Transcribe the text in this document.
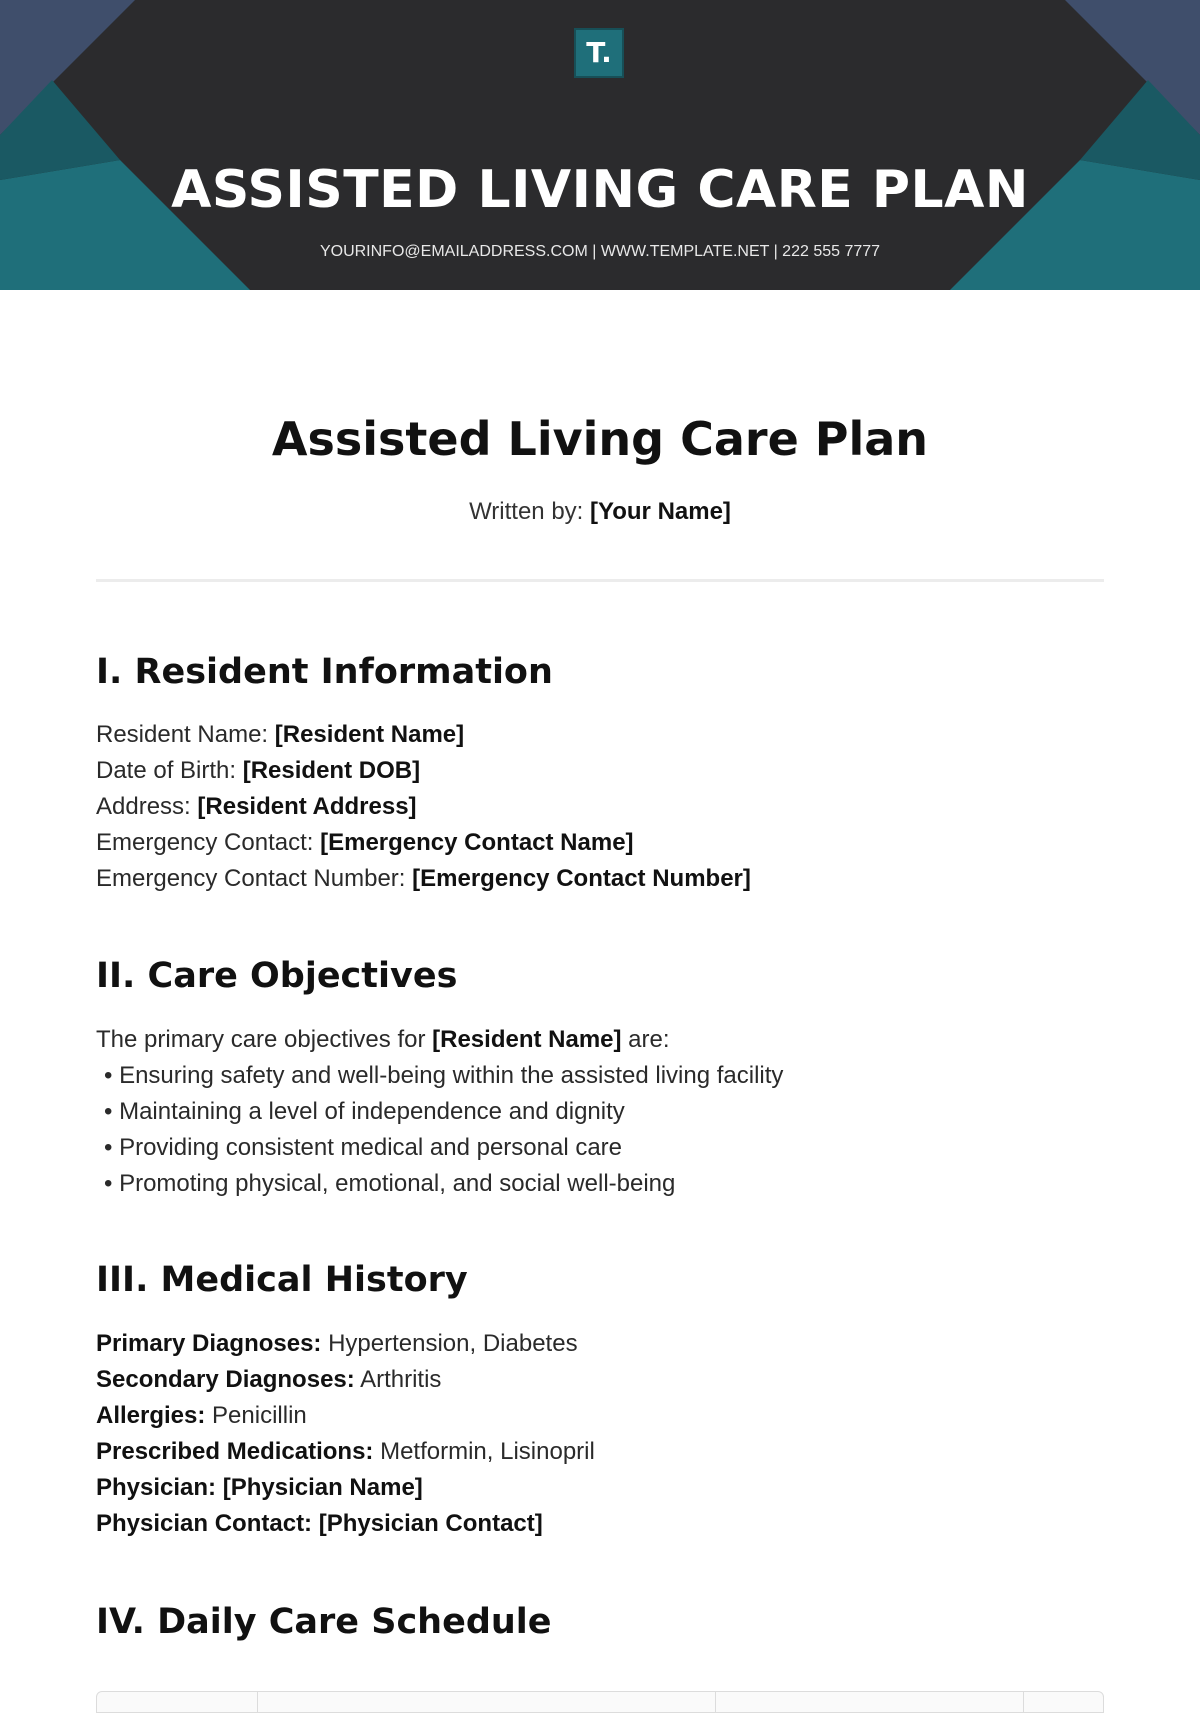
T.
ASSISTED LIVING CARE PLAN
YOURINFO@EMAILADDRESS.COM | WWW.TEMPLATE.NET | 222 555 7777
Assisted Living Care Plan
Written by: [Your Name]
I. Resident Information
Resident Name: [Resident Name]
Date of Birth: [Resident DOB]
Address: [Resident Address]
Emergency Contact: [Emergency Contact Name]
Emergency Contact Number: [Emergency Contact Number]
II. Care Objectives
The primary care objectives for [Resident Name] are:
• Ensuring safety and well-being within the assisted living facility
• Maintaining a level of independence and dignity
• Providing consistent medical and personal care
• Promoting physical, emotional, and social well-being
III. Medical History
Primary Diagnoses: Hypertension, Diabetes
Secondary Diagnoses: Arthritis
Allergies: Penicillin
Prescribed Medications: Metformin, Lisinopril
Physician: [Physician Name]
Physician Contact: [Physician Contact]
IV. Daily Care Schedule
